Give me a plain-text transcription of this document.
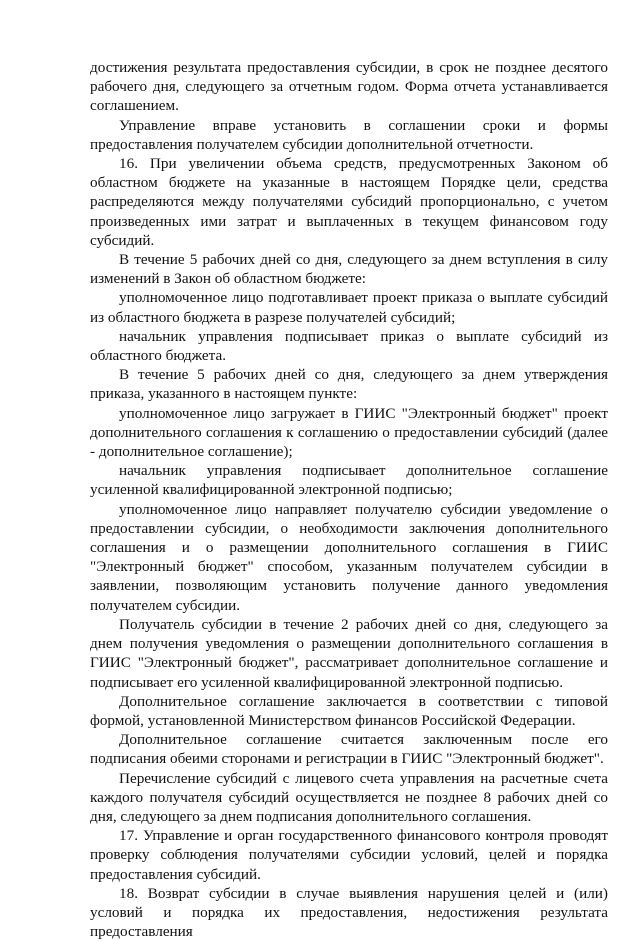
достижения результата предоставления субсидии, в срок не позднее десятого рабочего дня, следующего за отчетным годом. Форма отчета устанавливается соглашением.

Управление вправе установить в соглашении сроки и формы предоставления получателем субсидии дополнительной отчетности.

16. При увеличении объема средств, предусмотренных Законом об областном бюджете на указанные в настоящем Порядке цели, средства распределяются между получателями субсидий пропорционально, с учетом произведенных ими затрат и выплаченных в текущем финансовом году субсидий.

В течение 5 рабочих дней со дня, следующего за днем вступления в силу изменений в Закон об областном бюджете:

уполномоченное лицо подготавливает проект приказа о выплате субсидий из областного бюджета в разрезе получателей субсидий;

начальник управления подписывает приказ о выплате субсидий из областного бюджета.

В течение 5 рабочих дней со дня, следующего за днем утверждения приказа, указанного в настоящем пункте:

уполномоченное лицо загружает в ГИИС "Электронный бюджет" проект дополнительного соглашения к соглашению о предоставлении субсидий (далее - дополнительное соглашение);

начальник управления подписывает дополнительное соглашение усиленной квалифицированной электронной подписью;

уполномоченное лицо направляет получателю субсидии уведомление о предоставлении субсидии, о необходимости заключения дополнительного соглашения и о размещении дополнительного соглашения в ГИИС "Электронный бюджет" способом, указанным получателем субсидии в заявлении, позволяющим установить получение данного уведомления получателем субсидии.

Получатель субсидии в течение 2 рабочих дней со дня, следующего за днем получения уведомления о размещении дополнительного соглашения в ГИИС "Электронный бюджет", рассматривает дополнительное соглашение и подписывает его усиленной квалифицированной электронной подписью.

Дополнительное соглашение заключается в соответствии с типовой формой, установленной Министерством финансов Российской Федерации.

Дополнительное соглашение считается заключенным после его подписания обеими сторонами и регистрации в ГИИС "Электронный бюджет".

Перечисление субсидий с лицевого счета управления на расчетные счета каждого получателя субсидий осуществляется не позднее 8 рабочих дней со дня, следующего за днем подписания дополнительного соглашения.

17. Управление и орган государственного финансового контроля проводят проверку соблюдения получателями субсидии условий, целей и порядка предоставления субсидий.

18. Возврат субсидии в случае выявления нарушения целей и (или) условий и порядка их предоставления, недостижения результата предоставления
